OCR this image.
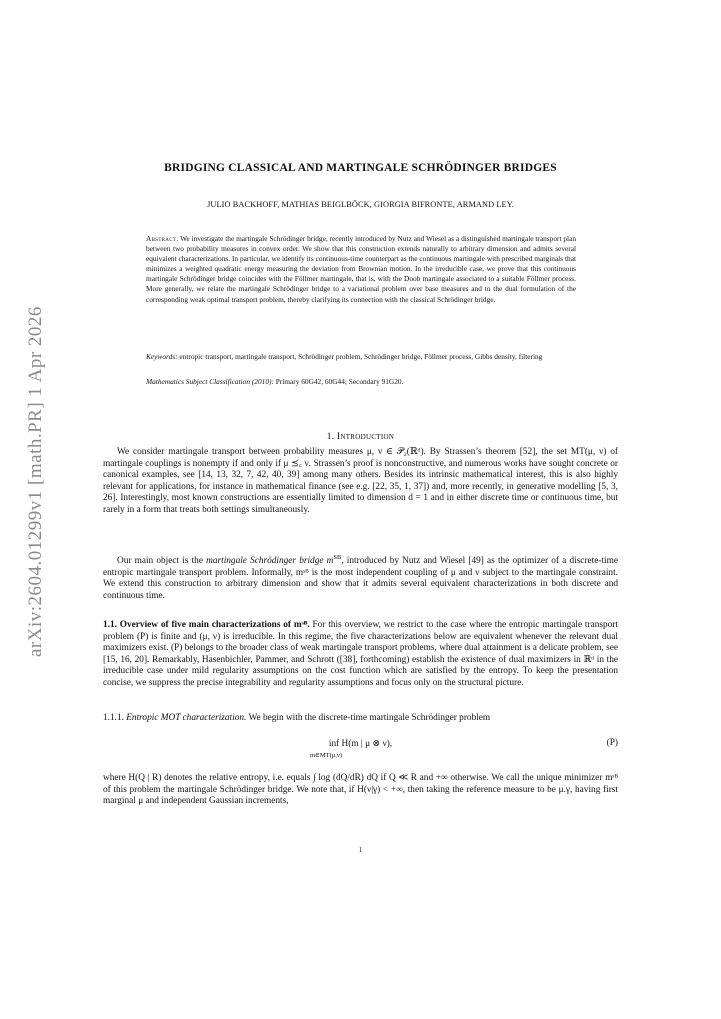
arXiv:2604.01299v1 [math.PR] 1 Apr 2026
BRIDGING CLASSICAL AND MARTINGALE SCHRÖDINGER BRIDGES
JULIO BACKHOFF, MATHIAS BEIGLBÖCK, GIORGIA BIFRONTE, ARMAND LEY.
Abstract. We investigate the martingale Schrödinger bridge, recently introduced by Nutz and Wiesel as a distinguished martingale transport plan between two probability measures in convex order. We show that this construction extends naturally to arbitrary dimension and admits several equivalent characterizations. In particular, we identify its continuous-time counterpart as the continuous martingale with prescribed marginals that minimizes a weighted quadratic energy measuring the deviation from Brownian motion. In the irreducible case, we prove that this continuous martingale Schrödinger bridge coincides with the Föllmer martingale, that is, with the Doob martingale associated to a suitable Föllmer process. More generally, we relate the martingale Schrödinger bridge to a variational problem over base measures and to the dual formulation of the corresponding weak optimal transport problem, thereby clarifying its connection with the classical Schrödinger bridge.
Keywords: entropic transport, martingale transport, Schrödinger problem, Schrödinger bridge, Föllmer process, Gibbs density, filtering
Mathematics Subject Classification (2010): Primary 60G42, 60G44; Secondary 91G20.
1. Introduction
We consider martingale transport between probability measures μ, ν ∈ 𝒫₂(ℝᵈ). By Strassen’s theorem [52], the set MT(μ, ν) of martingale couplings is nonempty if and only if μ ⪯꜀ ν. Strassen’s proof is nonconstructive, and numerous works have sought concrete or canonical examples, see [14, 13, 32, 7, 42, 40, 39] among many others. Besides its intrinsic mathematical interest, this is also highly relevant for applications, for instance in mathematical finance (see e.g. [22, 35, 1, 37]) and, more recently, in generative modelling [5, 3, 26]. Interestingly, most known constructions are essentially limited to dimension d = 1 and in either discrete time or continuous time, but rarely in a form that treats both settings simultaneously.
Our main object is the martingale Schrödinger bridge $m^{SB}$, introduced by Nutz and Wiesel [49] as the optimizer of a discrete-time entropic martingale transport problem. Informally, mˢᴮ is the most independent coupling of μ and ν subject to the martingale constraint. We extend this construction to arbitrary dimension and show that it admits several equivalent characterizations in both discrete and continuous time.
1.1. Overview of five main characterizations of mˢᴮ. For this overview, we restrict to the case where the entropic martingale transport problem (P) is finite and (μ, ν) is irreducible. In this regime, the five characterizations below are equivalent whenever the relevant dual maximizers exist. (P) belongs to the broader class of weak martingale transport problems, where dual attainment is a delicate problem, see [15, 16, 20]. Remarkably, Hasenbichler, Pammer, and Schrott ([38], forthcoming) establish the existence of dual maximizers in ℝᵈ in the irreducible case under mild regularity assumptions on the cost function which are satisfied by the entropy. To keep the presentation concise, we suppress the precise integrability and regularity assumptions and focus only on the structural picture.
1.1.1. Entropic MOT characterization. We begin with the discrete-time martingale Schrödinger problem
inf H(m | μ ⊗ ν),
m∈MT(μ,ν)
(P)
where H(Q | R) denotes the relative entropy, i.e. equals ∫ log (dQ/dR) dQ if Q ≪ R and +∞ otherwise. We call the unique minimizer mˢᴮ of this problem the martingale Schrödinger bridge. We note that, if H(ν|γ) < +∞, then taking the reference measure to be μ.γ, having first marginal μ and independent Gaussian increments,
1
